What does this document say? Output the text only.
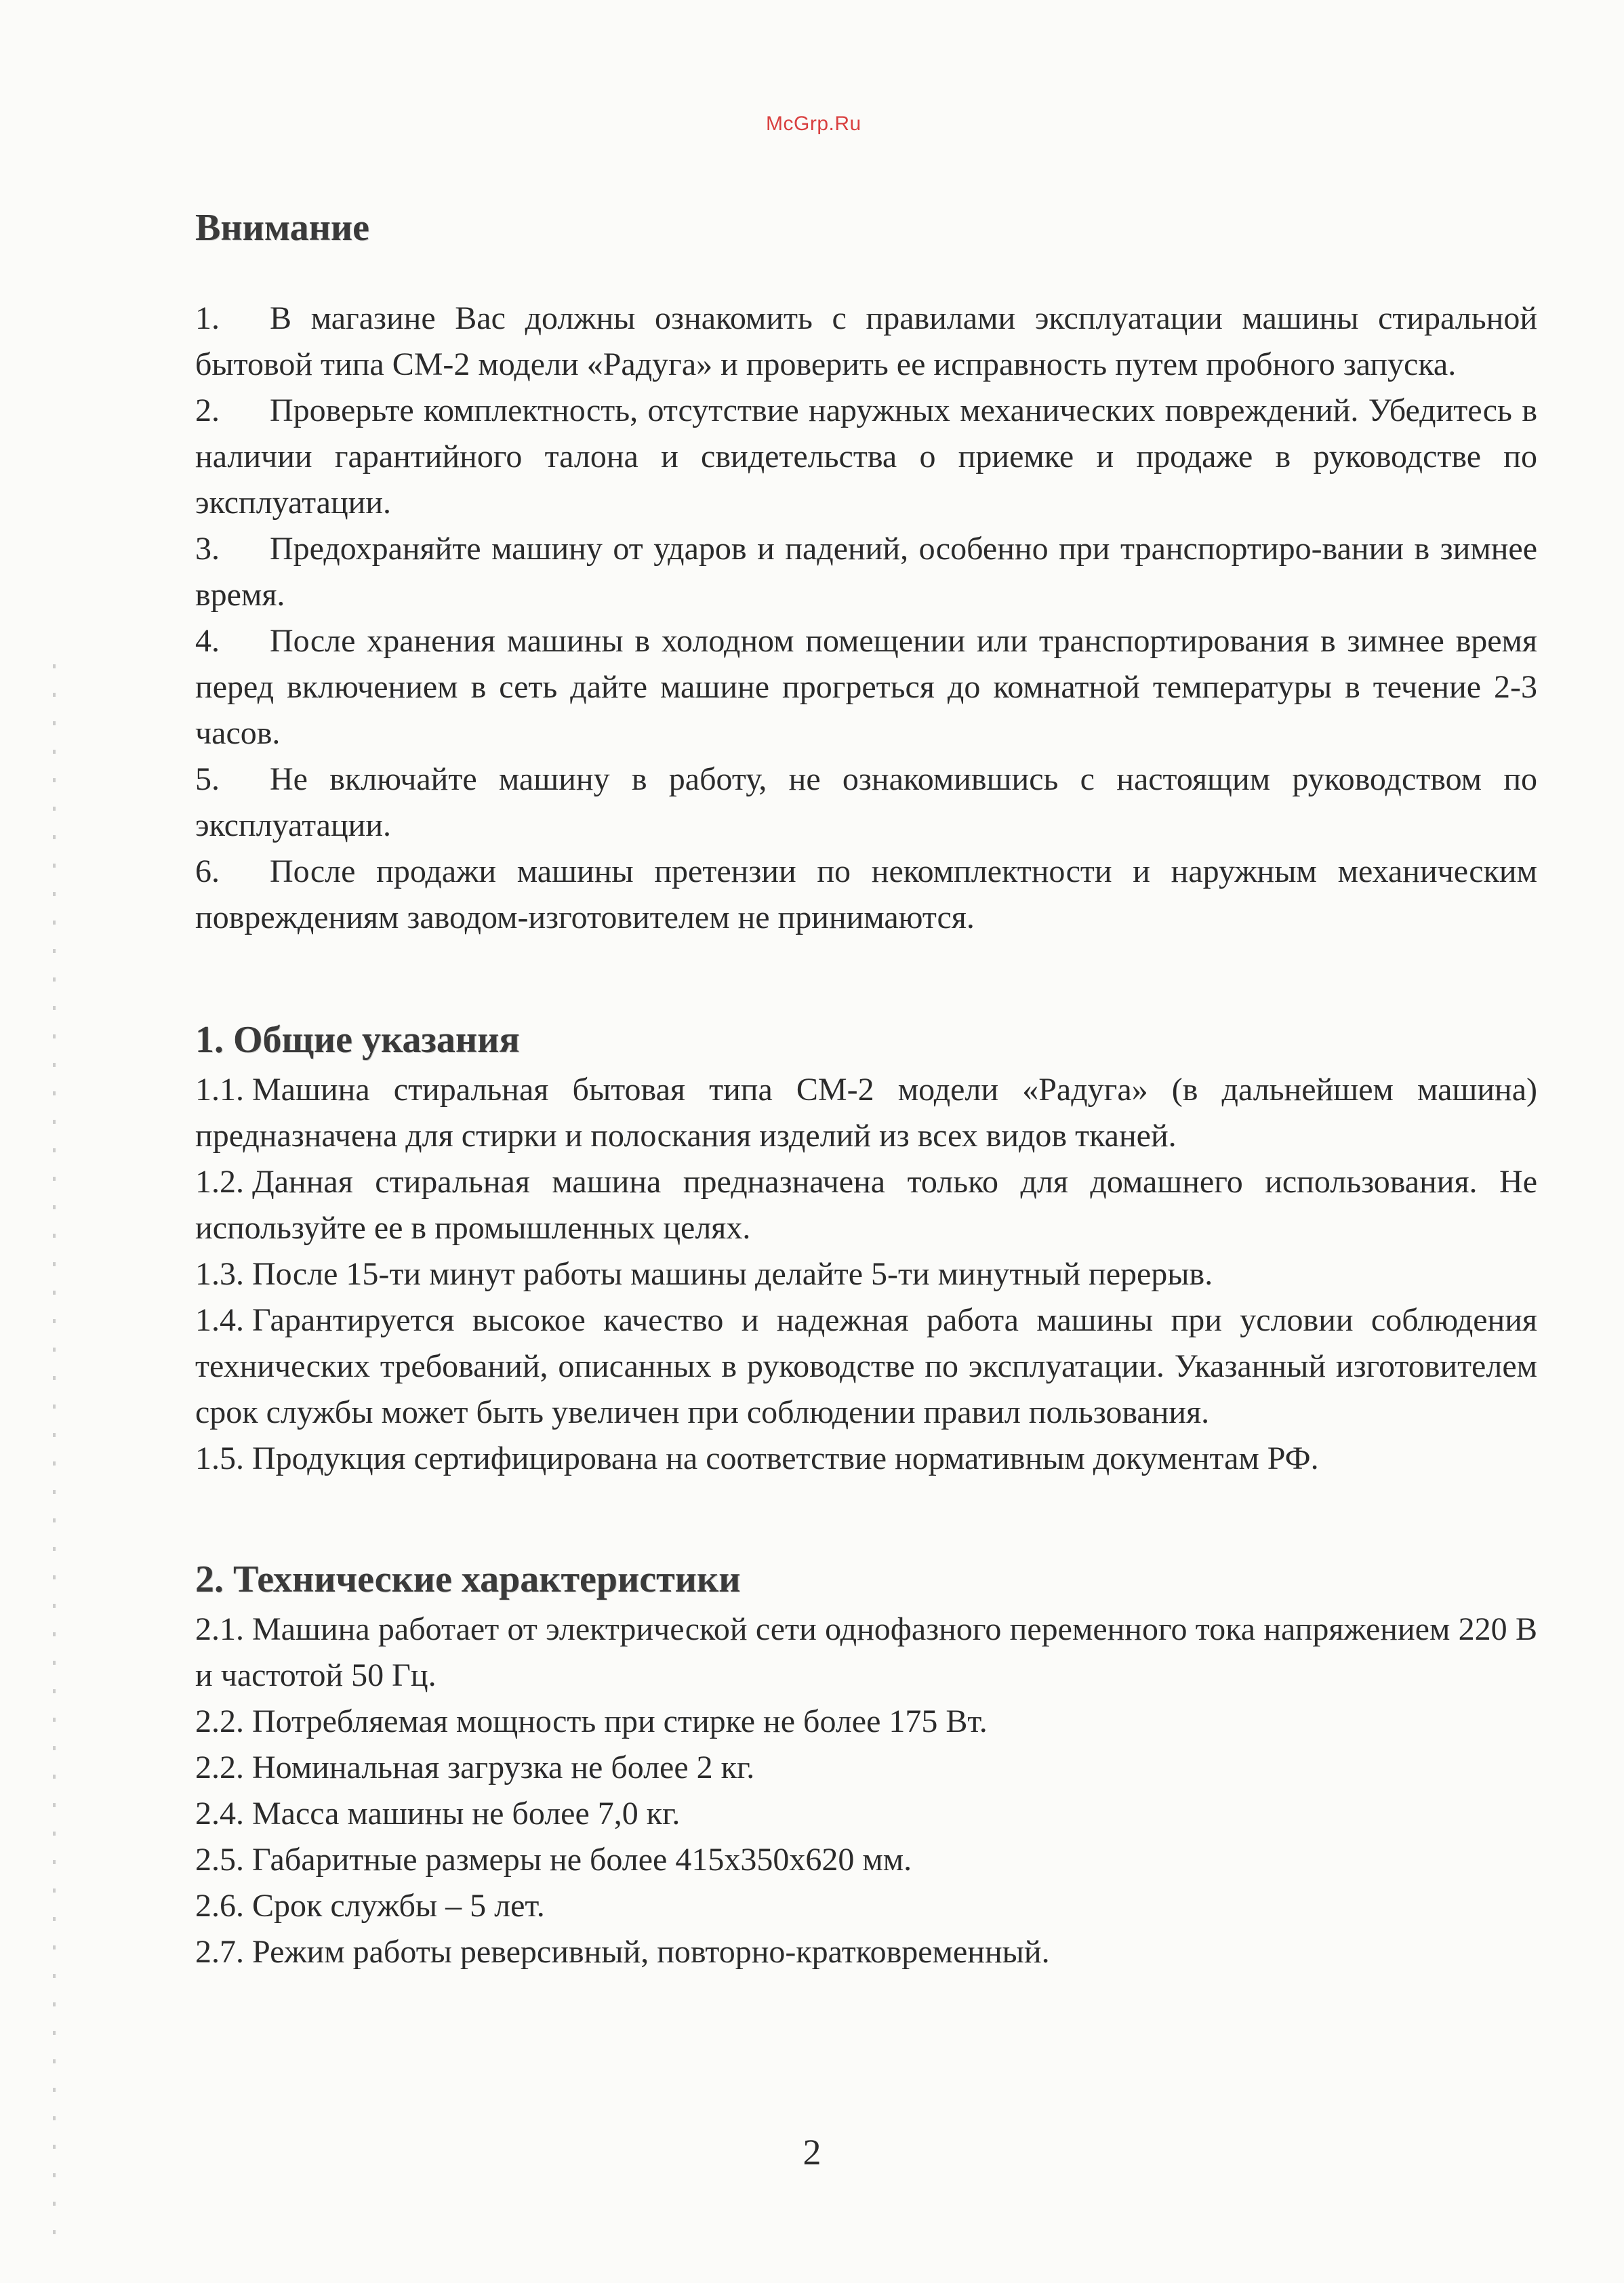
McGrp.Ru
Внимание

1. В магазине Вас должны ознакомить с правилами эксплуатации машины стиральной бытовой типа СМ-2 модели «Радуга» и проверить ее исправность путем пробного запуска.

2. Проверьте комплектность, отсутствие наружных механических повреждений. Убедитесь в наличии гарантийного талона и свидетельства о приемке и продаже в руководстве по эксплуатации.

3. Предохраняйте машину от ударов и падений, особенно при транспортиро-вании в зимнее время.

4. После хранения машины в холодном помещении или транспортирования в зимнее время перед включением в сеть дайте машине прогреться до комнатной температуры в течение 2-3 часов.

5. Не включайте машину в работу, не ознакомившись с настоящим руководством по эксплуатации.

6. После продажи машины претензии по некомплектности и наружным механическим повреждениям заводом-изготовителем не принимаются.

1. Общие указания

1.1. Машина стиральная бытовая типа СМ-2 модели «Радуга» (в дальнейшем машина) предназначена для стирки и полоскания изделий из всех видов тканей.

1.2. Данная стиральная машина предназначена только для домашнего использования. Не используйте ее в промышленных целях.

1.3. После 15-ти минут работы машины делайте 5-ти минутный перерыв.

1.4. Гарантируется высокое качество и надежная работа машины при условии соблюдения технических требований, описанных в руководстве по эксплуатации. Указанный изготовителем срок службы может быть увеличен при соблюдении правил пользования.

1.5. Продукция сертифицирована на соответствие нормативным документам РФ.

2. Технические характеристики

2.1. Машина работает от электрической сети однофазного переменного тока напряжением 220 В и частотой 50 Гц.

2.2. Потребляемая мощность при стирке не более 175 Вт.

2.2. Номинальная загрузка не более 2 кг.

2.4. Масса машины не более 7,0 кг.

2.5. Габаритные размеры не более 415х350х620 мм.

2.6. Срок службы – 5 лет.

2.7. Режим работы реверсивный, повторно-кратковременный.

2
